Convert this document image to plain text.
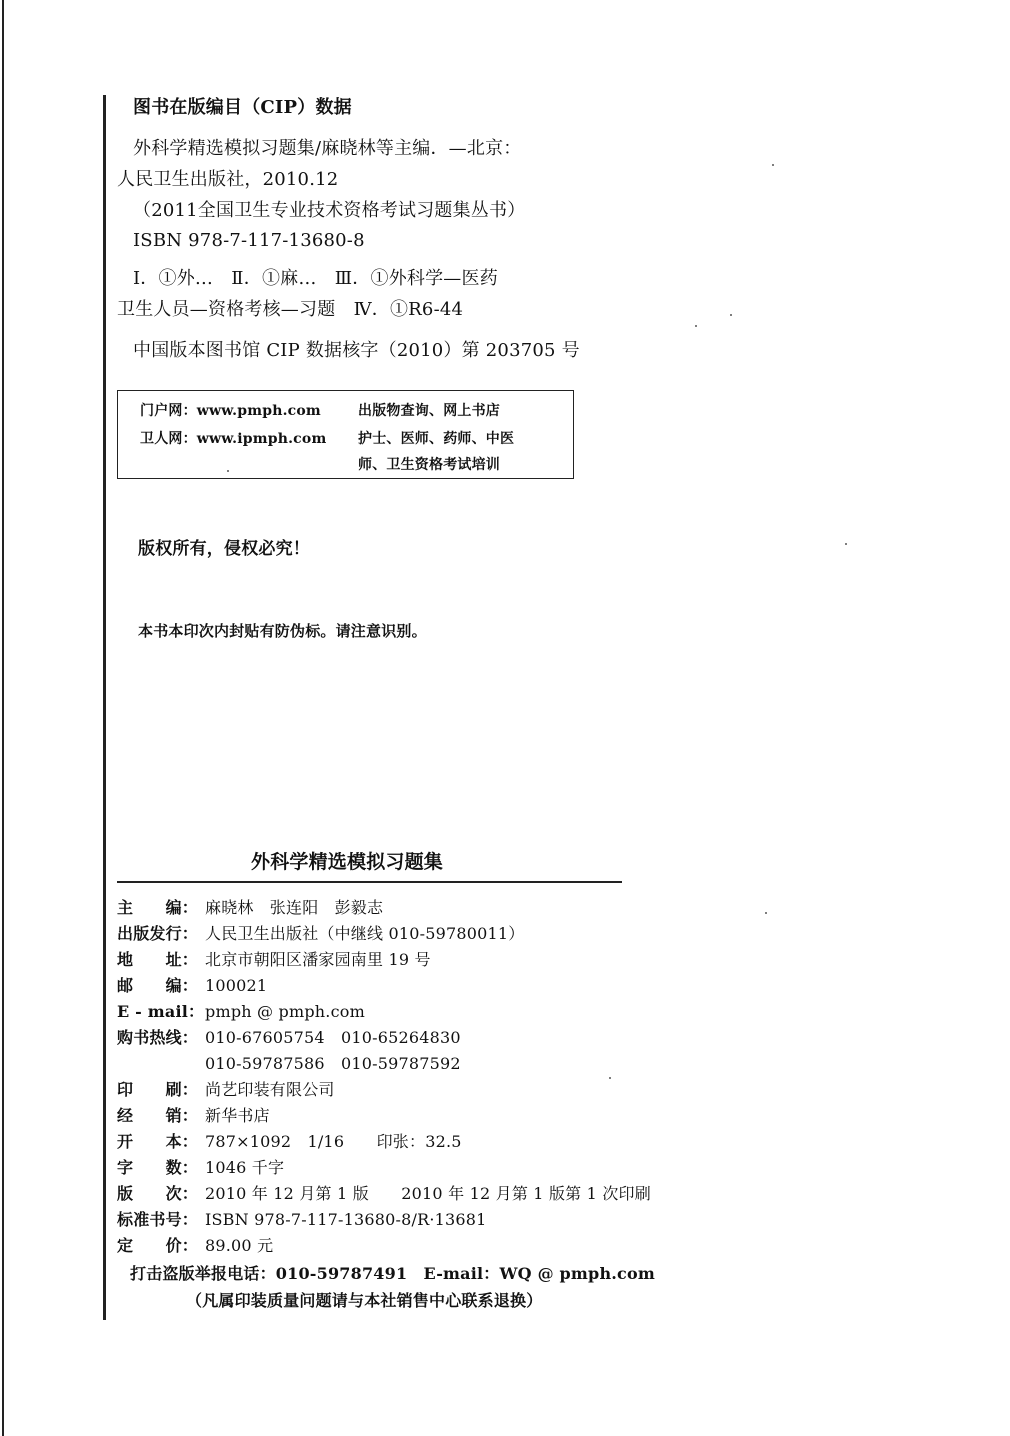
图书在版编目（CIP）数据
外科学精选模拟习题集/麻晓林等主编．—北京：
人民卫生出版社，2010.12
（2011全国卫生专业技术资格考试习题集丛书）
ISBN 978-7-117-13680-8
Ⅰ．①外…　Ⅱ．①麻…　Ⅲ．①外科学—医药
卫生人员—资格考核—习题　Ⅳ．①R6-44
中国版本图书馆 CIP 数据核字（2010）第 203705 号
门户网：www.pmph.com	出版物查询、网上书店
卫人网：www.ipmph.com 护士、医师、药师、中医
师、卫生资格考试培训
版权所有，侵权必究！
本书本印次内封贴有防伪标。请注意识别。
外科学精选模拟习题集
主　　编： 麻晓林　张连阳　彭毅志
出版发行： 人民卫生出版社（中继线 010-59780011）
地　　址： 北京市朝阳区潘家园南里 19 号
邮　　编： 100021
E - mail： pmph @ pmph.com
购书热线： 010-67605754　010-65264830
010-59787586　010-59787592
印　　刷： 尚艺印装有限公司
经　　销： 新华书店
开　　本： 787×1092　1/16　　印张：32.5
字　　数： 1046 千字
版　　次： 2010 年 12 月第 1 版　　2010 年 12 月第 1 版第 1 次印刷
标准书号： ISBN 978-7-117-13680-8/R·13681
定　　价： 89.00 元
打击盗版举报电话：010-59787491　E-mail：WQ @ pmph.com
（凡属印装质量问题请与本社销售中心联系退换）
